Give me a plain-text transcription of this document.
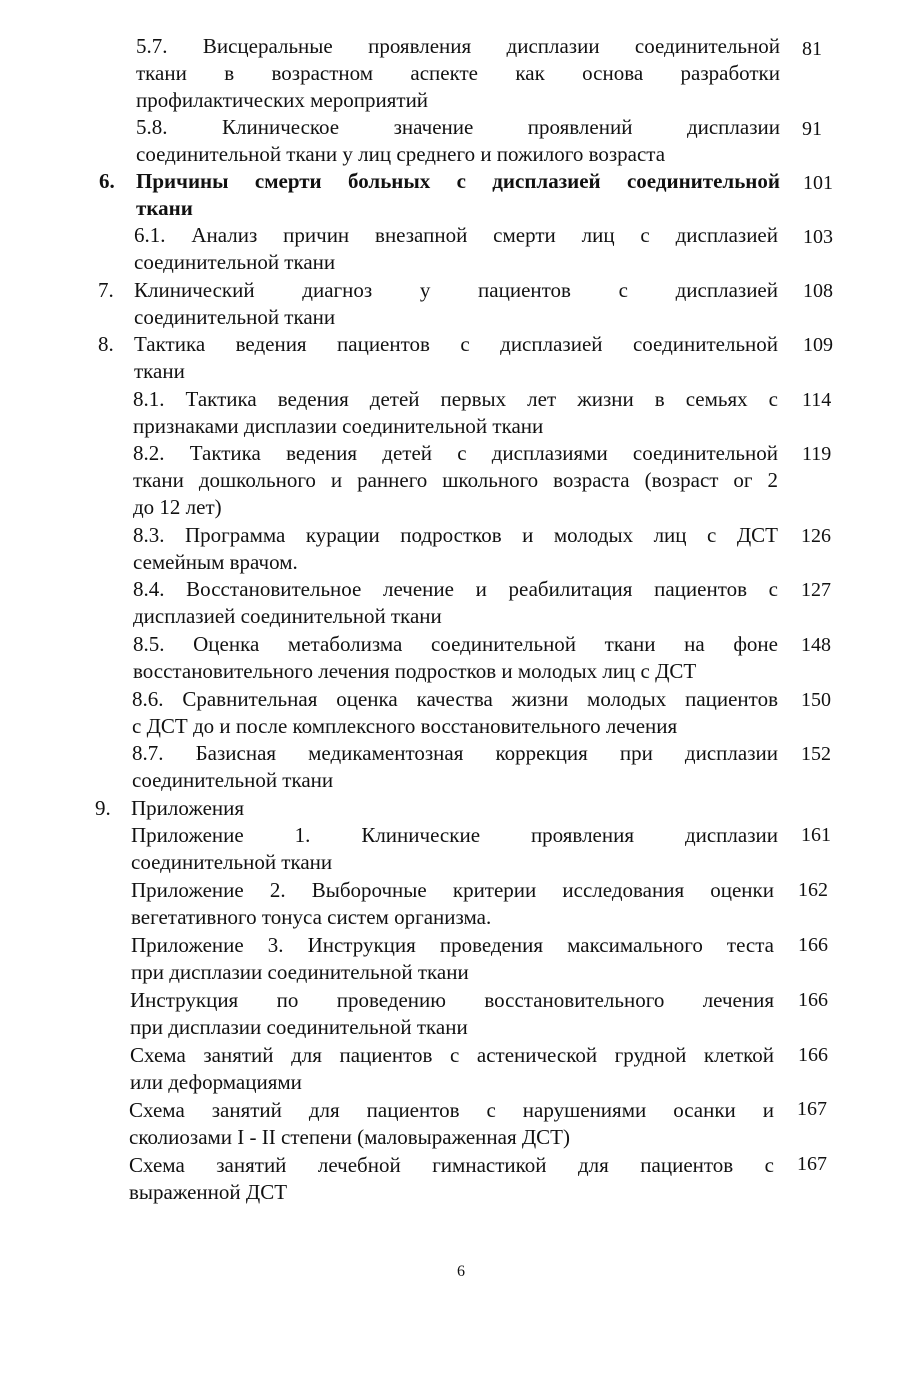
5.7. Висцеральные проявления дисплазии соединительной
ткани в возрастном аспекте как основа разработки
профилактических мероприятий
81
5.8. Клиническое значение проявлений дисплазии
соединительной ткани у лиц среднего и пожилого возраста
91
6. Причины смерти больных с дисплазией соединительной
ткани
101
6.1. Анализ причин внезапной смерти лиц с дисплазией
соединительной ткани
103
7. Клинический диагноз у пациентов с дисплазией
соединительной ткани
108
8. Тактика ведения пациентов с дисплазией соединительной
ткани
109
8.1. Тактика ведения детей первых лет жизни в семьях с
признаками дисплазии соединительной ткани
114
8.2. Тактика ведения детей с дисплазиями соединительной
ткани дошкольного и раннего школьного возраста (возраст ог 2
до 12 лет)
119
8.3. Программа курации подростков и молодых лиц с ДСТ
семейным врачом.
126
8.4. Восстановительное лечение и реабилитация пациентов с
дисплазией соединительной ткани
127
8.5. Оценка метаболизма соединительной ткани на фоне
восстановительного лечения подростков и молодых лиц с ДСТ
148
8.6. Сравнительная оценка качества жизни молодых пациентов
с ДСТ до и после комплексного восстановительного лечения
150
8.7. Базисная медикаментозная коррекция при дисплазии
соединительной ткани
152
9. Приложения
Приложение 1. Клинические проявления дисплазии
соединительной ткани
161
Приложение 2. Выборочные критерии исследования оценки
вегетативного тонуса систем организма.
162
Приложение 3. Инструкция проведения максимального теста
при дисплазии соединительной ткани
166
Инструкция по проведению восстановительного лечения
при дисплазии соединительной ткани
166
Схема занятий для пациентов с астенической грудной клеткой
или деформациями
166
Схема занятий для пациентов с нарушениями осанки и
сколиозами I - II степени (маловыраженная ДСТ)
167
Схема занятий лечебной гимнастикой для пациентов с
выраженной ДСТ
167
6
